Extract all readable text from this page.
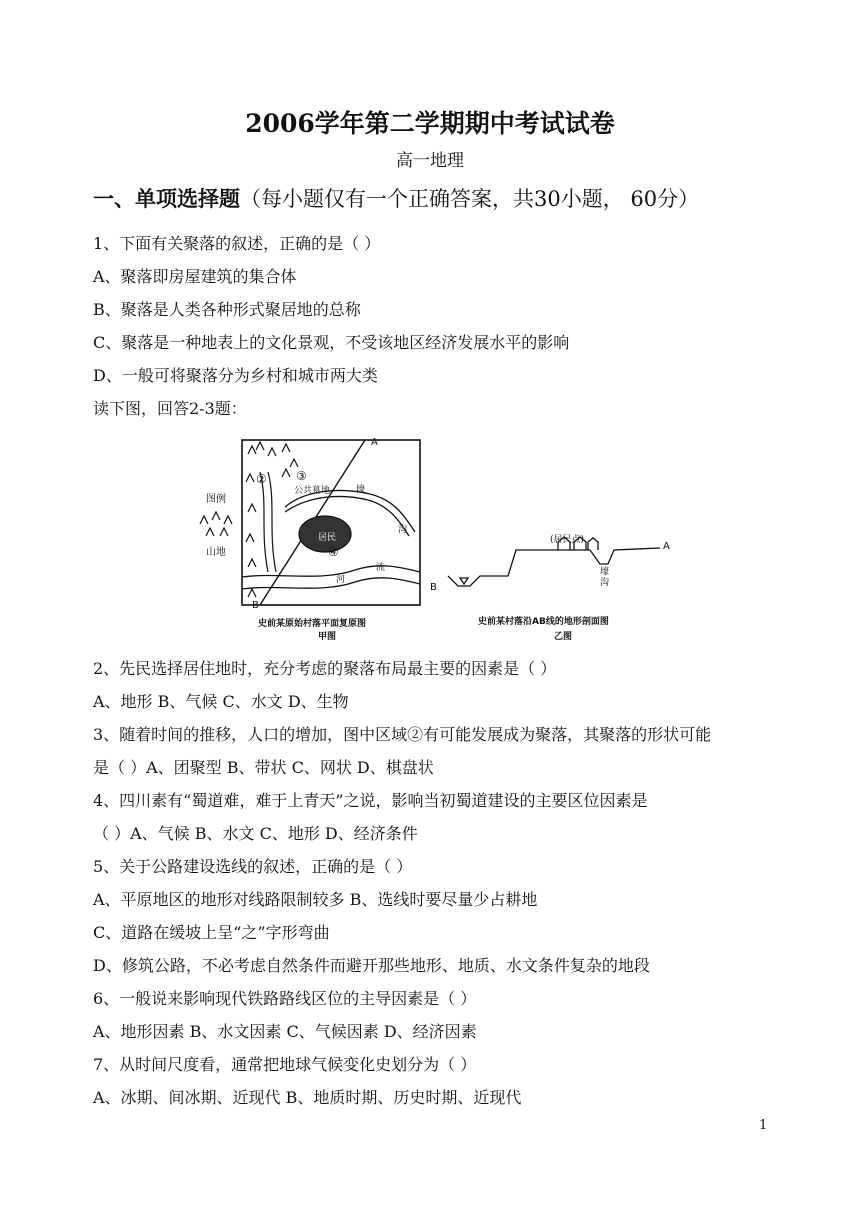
2006学年第二学期期中考试试卷
高一地理
一、单项选择题（每小题仅有一个正确答案，共30小题， 60分）
1、下面有关聚落的叙述，正确的是（ ）
A、聚落即房屋建筑的集合体
B、聚落是人类各种形式聚居地的总称
C、聚落是一种地表上的文化景观，不受该地区经济发展水平的影响
D、一般可将聚落分为乡村和城市两大类
读下图，回答2-3题：
图例
山地
A
B
② ③
④
公共墓地	壕
沟
居民
河
流
史前某原始村落平面复原图
甲图
(居民点)
A
B
壕
沟
史前某村落沿AB线的地形剖面图
乙图
2、先民选择居住地时，充分考虑的聚落布局最主要的因素是（ ）
A、地形 B、气候 C、水文 D、生物
3、随着时间的推移，人口的增加，图中区域②有可能发展成为聚落，其聚落的形状可能
是（ ）A、团聚型 B、带状 C、网状 D、棋盘状
4、四川素有“蜀道难，难于上青天”之说，影响当初蜀道建设的主要区位因素是
（ ）A、气候 B、水文 C、地形 D、经济条件
5、关于公路建设选线的叙述，正确的是（ ）
A、平原地区的地形对线路限制较多 B、选线时要尽量少占耕地
C、道路在缓坡上呈“之”字形弯曲
D、修筑公路，不必考虑自然条件而避开那些地形、地质、水文条件复杂的地段
6、一般说来影响现代铁路路线区位的主导因素是（ ）
A、地形因素 B、水文因素 C、气候因素 D、经济因素
7、从时间尺度看，通常把地球气候变化史划分为（ ）
A、冰期、间冰期、近现代 B、地质时期、历史时期、近现代
1
